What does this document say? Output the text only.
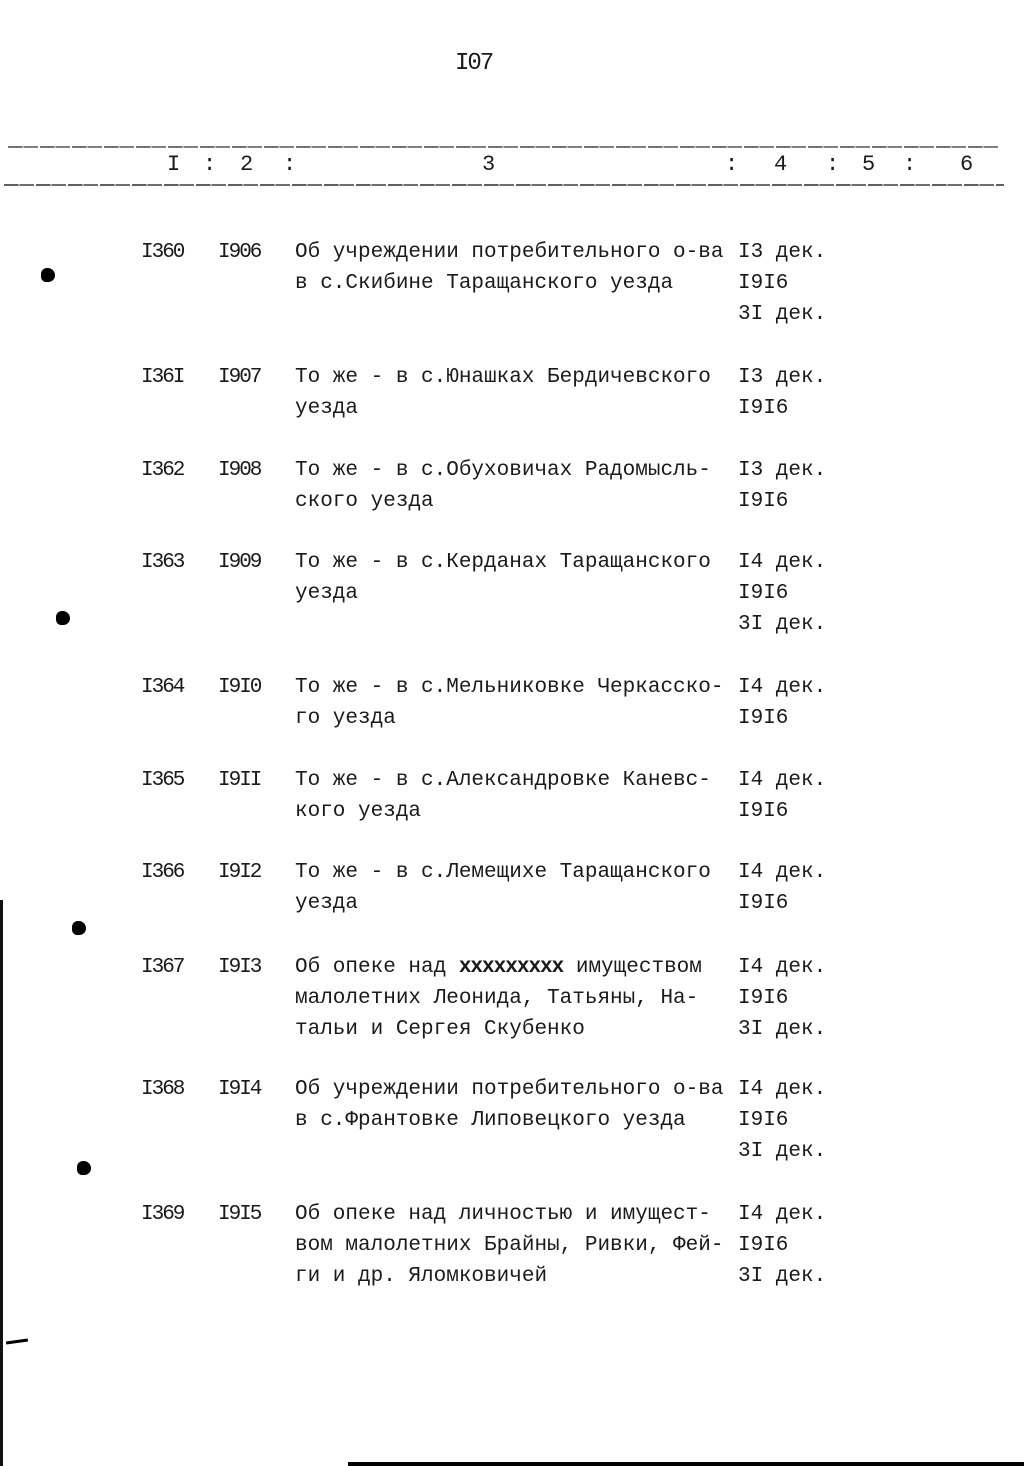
I07
I : 2 :	3	: 4 : 5 : 6
I360 I906 Об учреждении потребительного о-ва
в с.Скибине Таращанского уезда
I3 дек.
I9I6
3I дек.
I36I I907 То же - в с.Юнашках Бердичевского
уезда
I3 дек.
I9I6
I362 I908 То же - в с.Обуховичах Радомысль-
ского уезда
I3 дек.
I9I6
I363 I909 То же - в с.Керданах Таращанского
уезда
I4 дек.
I9I6
3I дек.
I364 I9I0 То же - в с.Мельниковке Черкасско-
го уезда
I4 дек.
I9I6
I365 I9II То же - в с.Александровке Каневс-
кого уезда
I4 дек.
I9I6
I366 I9I2 То же - в с.Лемещихе Таращанского
уезда
I4 дек.
I9I6
I367 I9I3 Об опеке над xxxxxxxxx имуществом
малолетних Леонида, Татьяны, На-
тальи и Сергея Скубенко
I4 дек.
I9I6
3I дек.
I368 I9I4 Об учреждении потребительного о-ва
в с.Франтовке Липовецкого уезда
I4 дек.
I9I6
3I дек.
I369 I9I5 Об опеке над личностью и имущест-
вом малолетних Брайны, Ривки, Фей-
ги и др. Яломковичей
I4 дек.
I9I6
3I дек.
